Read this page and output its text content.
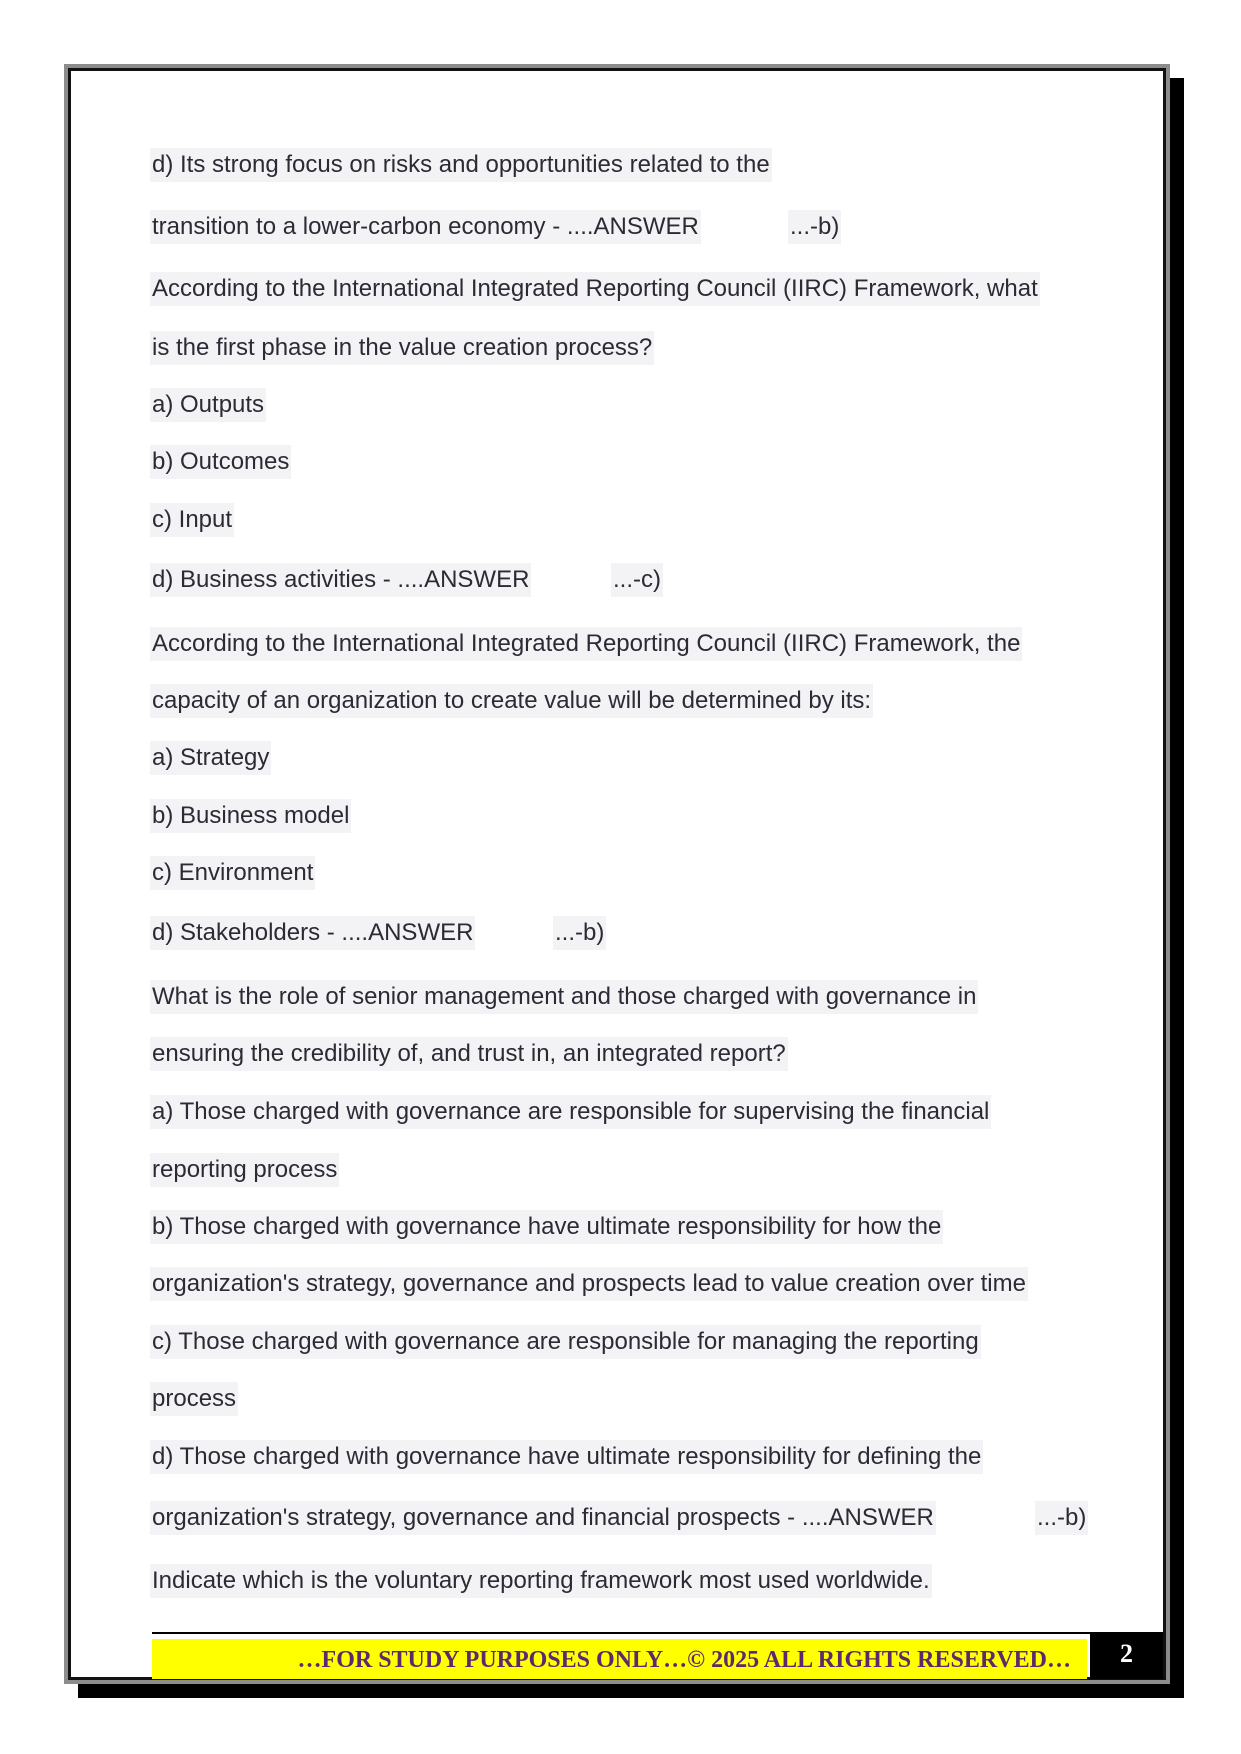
d) Its strong focus on risks and opportunities related to the
transition to a lower-carbon economy - ....ANSWER	...-b)
According to the International Integrated Reporting Council (IIRC) Framework, what
is the first phase in the value creation process?
a) Outputs
b) Outcomes
c) Input
d) Business activities - ....ANSWER	...-c)
According to the International Integrated Reporting Council (IIRC) Framework, the
capacity of an organization to create value will be determined by its:
a) Strategy
b) Business model
c) Environment
d) Stakeholders - ....ANSWER	...-b)
What is the role of senior management and those charged with governance in
ensuring the credibility of, and trust in, an integrated report?
a) Those charged with governance are responsible for supervising the financial
reporting process
b) Those charged with governance have ultimate responsibility for how the
organization's strategy, governance and prospects lead to value creation over time
c) Those charged with governance are responsible for managing the reporting
process
d) Those charged with governance have ultimate responsibility for defining the
organization's strategy, governance and financial prospects - ....ANSWER	...-b)
Indicate which is the voluntary reporting framework most used worldwide.
…FOR STUDY PURPOSES ONLY…© 2025 ALL RIGHTS RESERVED…	2
